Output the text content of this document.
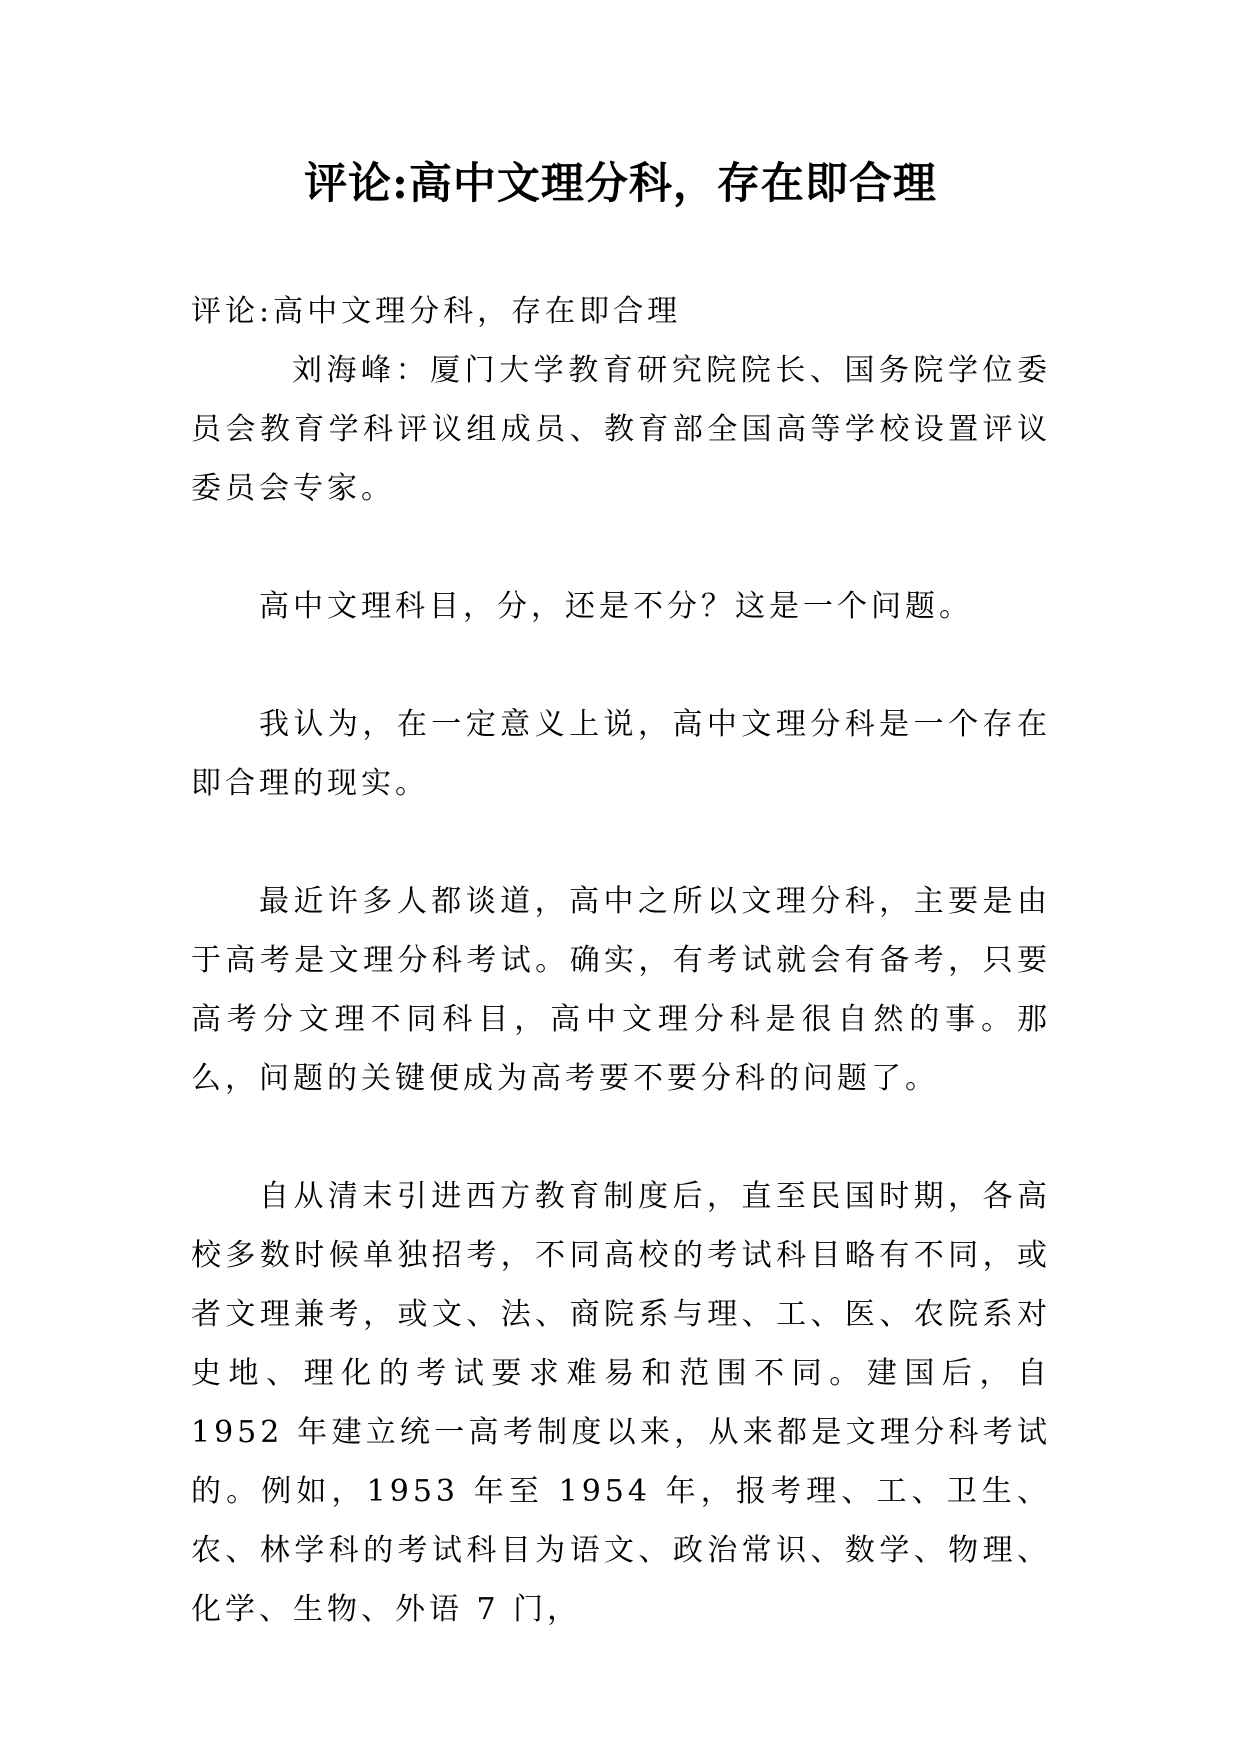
评论:高中文理分科，存在即合理

评论:高中文理分科，存在即合理

刘海峰：厦门大学教育研究院院长、国务院学位委员会教育学科评议组成员、教育部全国高等学校设置评议委员会专家。

高中文理科目，分，还是不分？这是一个问题。

我认为，在一定意义上说，高中文理分科是一个存在即合理的现实。

最近许多人都谈道，高中之所以文理分科，主要是由于高考是文理分科考试。确实，有考试就会有备考，只要高考分文理不同科目，高中文理分科是很自然的事。那么，问题的关键便成为高考要不要分科的问题了。

自从清末引进西方教育制度后，直至民国时期，各高校多数时候单独招考，不同高校的考试科目略有不同，或者文理兼考，或文、法、商院系与理、工、医、农院系对史地、理化的考试要求难易和范围不同。建国后，自 1952 年建立统一高考制度以来，从来都是文理分科考试的。例如，1953 年至 1954 年，报考理、工、卫生、农、林学科的考试科目为语文、政治常识、数学、物理、化学、生物、外语 7 门，
